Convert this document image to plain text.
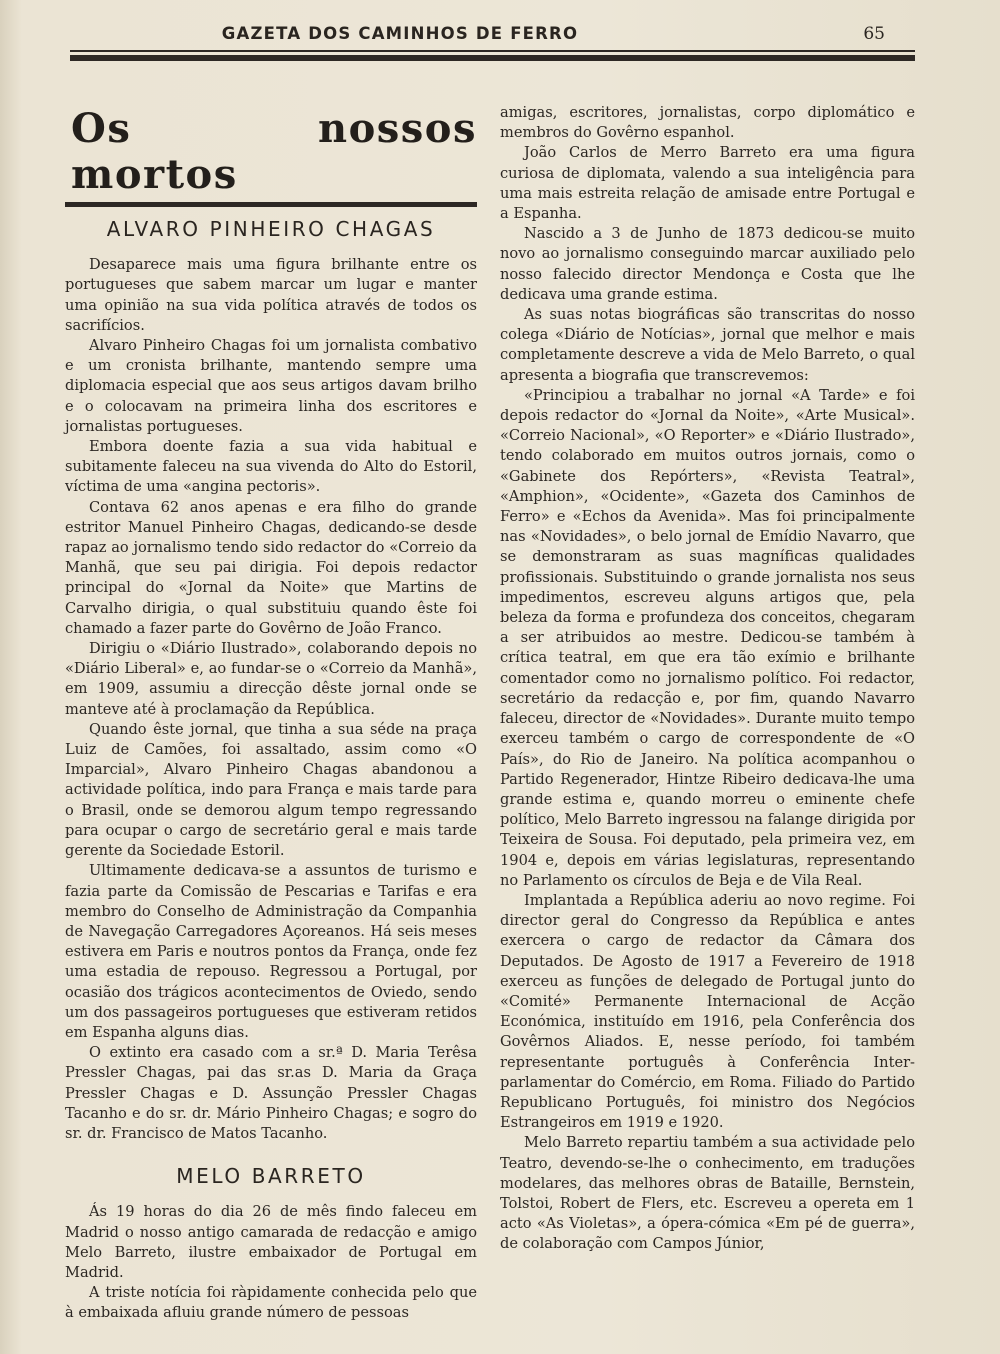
GAZETA DOS CAMINHOS DE FERRO	65
Os nossos mortos
ALVARO PINHEIRO CHAGAS

Desaparece mais uma figura brilhante entre os portugueses que sabem marcar um lugar e manter uma opinião na sua vida política através de todos os sacrifícios.

Alvaro Pinheiro Chagas foi um jornalista combativo e um cronista brilhante, mantendo sempre uma diplomacia especial que aos seus artigos davam brilho e o colocavam na primeira linha dos escritores e jornalistas portugueses.

Embora doente fazia a sua vida habitual e subitamente faleceu na sua vivenda do Alto do Estoril, víctima de uma «angina pectoris».

Contava 62 anos apenas e era filho do grande estritor Manuel Pinheiro Chagas, dedicando-se desde rapaz ao jornalismo tendo sido redactor do «Correio da Manhã, que seu pai dirigia. Foi depois redactor principal do «Jornal da Noite» que Martins de Carvalho dirigia, o qual substituiu quando êste foi chamado a fazer parte do Govêrno de João Franco.

Dirigiu o «Diário Ilustrado», colaborando depois no «Diário Liberal» e, ao fundar-se o «Correio da Manhã», em 1909, assumiu a direcção dêste jornal onde se manteve até à proclamação da República.

Quando êste jornal, que tinha a sua séde na praça Luiz de Camões, foi assaltado, assim como «O Imparcial», Alvaro Pinheiro Chagas abandonou a actividade política, indo para França e mais tarde para o Brasil, onde se demorou algum tempo regressando para ocupar o cargo de secretário geral e mais tarde gerente da Sociedade Estoril.

Ultimamente dedicava-se a assuntos de turismo e fazia parte da Comissão de Pescarias e Tarifas e era membro do Conselho de Administração da Companhia de Navegação Carregadores Açoreanos. Há seis meses estivera em Paris e noutros pontos da França, onde fez uma estadia de repouso. Regressou a Portugal, por ocasião dos trágicos acontecimentos de Oviedo, sendo um dos passageiros portugueses que estiveram retidos em Espanha alguns dias.

O extinto era casado com a sr.ª D. Maria Terêsa Pressler Chagas, pai das sr.as D. Maria da Graça Pressler Chagas e D. Assunção Pressler Chagas Tacanho e do sr. dr. Mário Pinheiro Chagas; e sogro do sr. dr. Francisco de Matos Tacanho.

MELO BARRETO

Ás 19 horas do dia 26 de mês findo faleceu em Madrid o nosso antigo camarada de redacção e amigo Melo Barreto, ilustre embaixador de Portugal em Madrid.

A triste notícia foi ràpidamente conhecida pelo que à embaixada afluiu grande número de pessoas

amigas, escritores, jornalistas, corpo diplomático e membros do Govêrno espanhol.

João Carlos de Merro Barreto era uma figura curiosa de diplomata, valendo a sua inteligência para uma mais estreita relação de amisade entre Portugal e a Espanha.

Nascido a 3 de Junho de 1873 dedicou-se muito novo ao jornalismo conseguindo marcar auxiliado pelo nosso falecido director Mendonça e Costa que lhe dedicava uma grande estima.

As suas notas biográficas são transcritas do nosso colega «Diário de Notícias», jornal que melhor e mais completamente descreve a vida de Melo Barreto, o qual apresenta a biografia que transcrevemos:

«Principiou a trabalhar no jornal «A Tarde» e foi depois redactor do «Jornal da Noite», «Arte Musical». «Correio Nacional», «O Reporter» e «Diário Ilustrado», tendo colaborado em muitos outros jornais, como o «Gabinete dos Repórters», «Revista Teatral», «Amphion», «Ocidente», «Gazeta dos Caminhos de Ferro» e «Echos da Avenida». Mas foi principalmente nas «Novidades», o belo jornal de Emídio Navarro, que se demonstraram as suas magníficas qualidades profissionais. Substituindo o grande jornalista nos seus impedimentos, escreveu alguns artigos que, pela beleza da forma e profundeza dos conceitos, chegaram a ser atribuidos ao mestre. Dedicou-se também à crítica teatral, em que era tão exímio e brilhante comentador como no jornalismo político. Foi redactor, secretário da redacção e, por fim, quando Navarro faleceu, director de «Novidades». Durante muito tempo exerceu também o cargo de correspondente de «O País», do Rio de Janeiro. Na política acompanhou o Partido Regenerador, Hintze Ribeiro dedicava-lhe uma grande estima e, quando morreu o eminente chefe político, Melo Barreto ingressou na falange dirigida por Teixeira de Sousa. Foi deputado, pela primeira vez, em 1904 e, depois em várias legislaturas, representando no Parlamento os círculos de Beja e de Vila Real.

Implantada a República aderiu ao novo regime. Foi director geral do Congresso da República e antes exercera o cargo de redactor da Câmara dos Deputados. De Agosto de 1917 a Fevereiro de 1918 exerceu as funções de delegado de Portugal junto do «Comité» Permanente Internacional de Acção Económica, instituído em 1916, pela Conferência dos Govêrnos Aliados. E, nesse período, foi também representante português à Conferência Inter-parlamentar do Comércio, em Roma. Filiado do Partido Republicano Português, foi ministro dos Negócios Estrangeiros em 1919 e 1920.

Melo Barreto repartiu também a sua actividade pelo Teatro, devendo-se-lhe o conhecimento, em traduções modelares, das melhores obras de Bataille, Bernstein, Tolstoi, Robert de Flers, etc. Escreveu a opereta em 1 acto «As Violetas», a ópera-cómica «Em pé de guerra», de colaboração com Campos Júnior,
